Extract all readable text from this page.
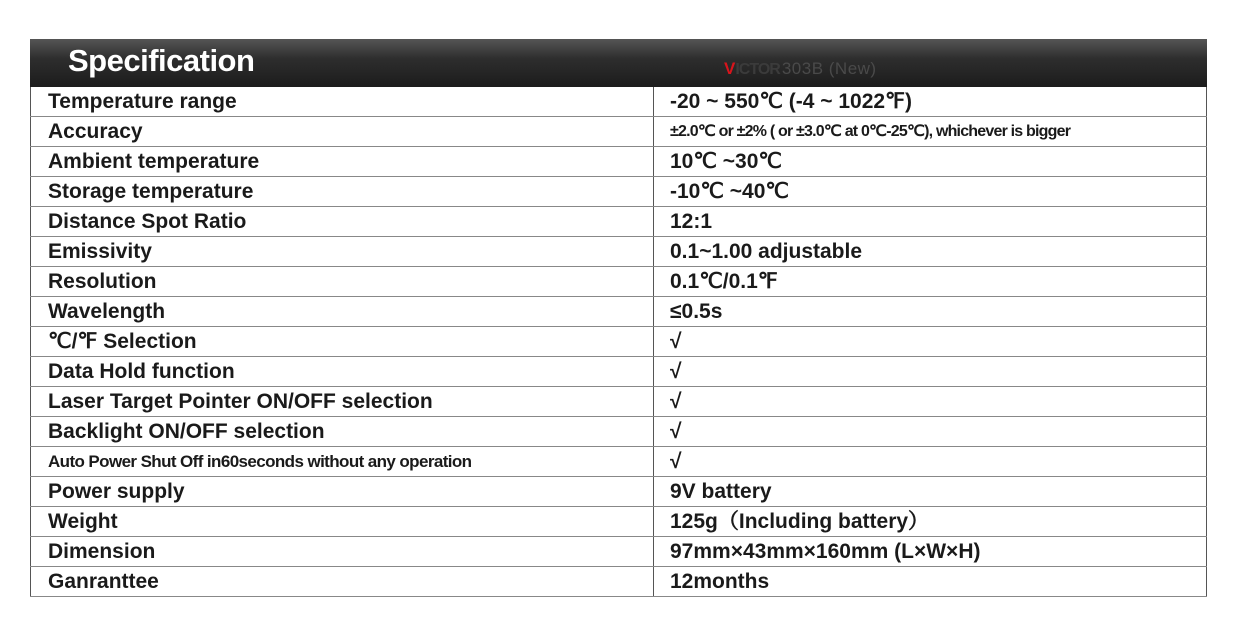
Specification	VICTOR 303B (New)
Temperature range	-20 ~ 550℃ (-4 ~ 1022℉)
Accuracy	±2.0℃ or ±2% ( or ±3.0℃ at 0℃-25℃), whichever is bigger
Ambient temperature	10℃ ~30℃
Storage temperature	-10℃ ~40℃
Distance Spot Ratio	12:1
Emissivity	0.1~1.00 adjustable
Resolution	0.1℃/0.1℉
Wavelength	≤0.5s
℃/℉ Selection	√
Data Hold function	√
Laser Target Pointer ON/OFF selection	√
Backlight ON/OFF selection	√
Auto Power Shut Off in60seconds without any operation	√
Power supply	9V battery
Weight	125g（Including battery）
Dimension	97mm×43mm×160mm (L×W×H)
Ganranttee	12months
